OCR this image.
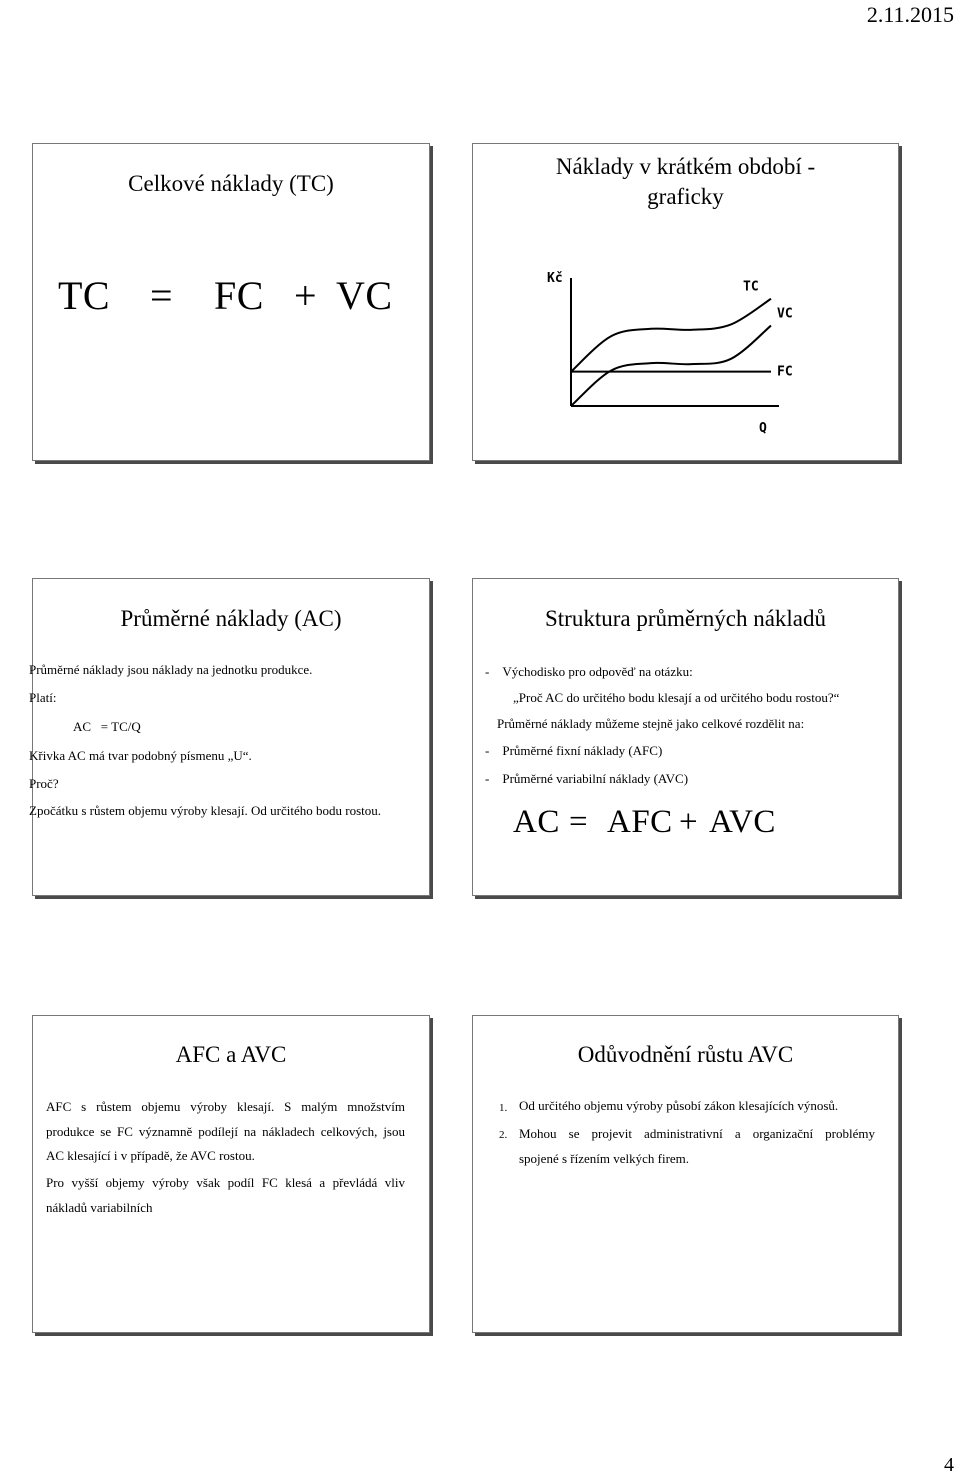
2.11.2015
Celkové náklady (TC)
TC = FC + VC
Náklady v krátkém období -
graficky
TC
VC
FC
Kč
Q
Průměrné náklady (AC)
Průměrné náklady jsou náklady na jednotku produkce.
Platí:
AC   = TC/Q
Křivka AC má tvar podobný písmenu „U“.
Proč?
Zpočátku s růstem objemu výroby klesají. Od určitého bodu rostou.
Struktura průměrných nákladů
-    Východisko pro odpověď na otázku:
„Proč AC do určitého bodu klesají a od určitého bodu rostou?“
Průměrné náklady můžeme stejně jako celkové rozdělit na:
-    Průměrné fixní náklady (AFC)
-    Průměrné variabilní náklady (AVC)
AC = AFC + AVC
AFC a AVC
AFC s růstem objemu výroby klesají. S malým množstvím
produkce se FC významně podílejí na nákladech celkových, jsou
AC klesající i v případě, že AVC rostou.
Pro vyšší objemy výroby však podíl FC klesá a převládá vliv
nákladů variabilních
Odůvodnění růstu AVC
1. Od určitého objemu výroby působí zákon klesajících výnosů.
2. Mohou se projevit administrativní a organizační problémy
spojené s řízením velkých firem.
4
